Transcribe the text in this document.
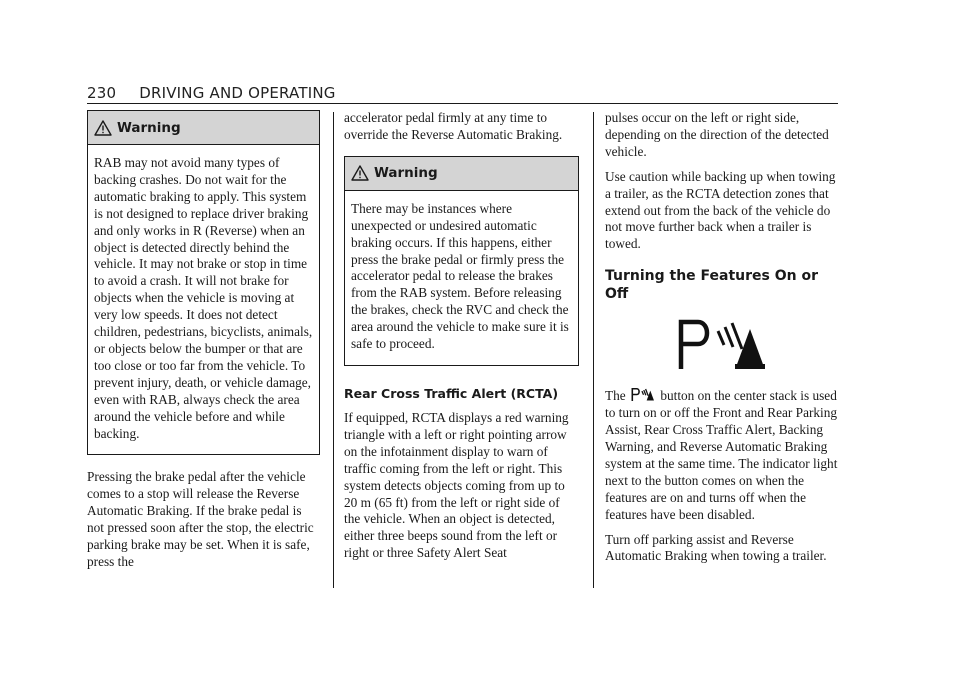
230 DRIVING AND OPERATING
Warning

RAB may not avoid many types of backing crashes. Do not wait for the automatic braking to apply. This system is not designed to replace driver braking and only works in R (Reverse) when an object is detected directly behind the vehicle. It may not brake or stop in time to avoid a crash. It will not brake for objects when the vehicle is moving at very low speeds. It does not detect children, pedestrians, bicyclists, animals, or objects below the bumper or that are too close or too far from the vehicle. To prevent injury, death, or vehicle damage, even with RAB, always check the area around the vehicle before and while backing.

Pressing the brake pedal after the vehicle comes to a stop will release the Reverse Automatic Braking. If the brake pedal is not pressed soon after the stop, the electric parking brake may be set. When it is safe, press the

accelerator pedal firmly at any time to override the Reverse Automatic Braking.

Warning

There may be instances where unexpected or undesired automatic braking occurs. If this happens, either press the brake pedal or firmly press the accelerator pedal to release the brakes from the RAB system. Before releasing the brakes, check the RVC and check the area around the vehicle to make sure it is safe to proceed.

Rear Cross Traffic Alert (RCTA)

If equipped, RCTA displays a red warning triangle with a left or right pointing arrow on the infotainment display to warn of traffic coming from the left or right. This system detects objects coming from up to 20 m (65 ft) from the left or right side of the vehicle. When an object is detected, either three beeps sound from the left or right or three Safety Alert Seat

pulses occur on the left or right side, depending on the direction of the detected vehicle.

Use caution while backing up when towing a trailer, as the RCTA detection zones that extend out from the back of the vehicle do not move further back when a trailer is towed.

Turning the Features On or Off

The	button on the center stack is used to turn on or off the Front and Rear Parking Assist, Rear Cross Traffic Alert, Backing Warning, and Reverse Automatic Braking system at the same time. The indicator light next to the button comes on when the features are on and turns off when the features have been disabled.

Turn off parking assist and Reverse Automatic Braking when towing a trailer.
